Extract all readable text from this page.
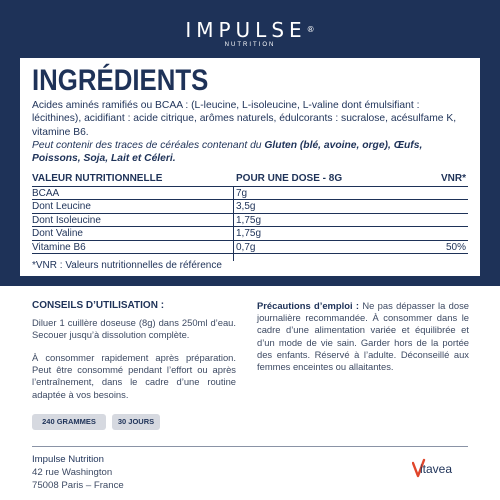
IMPULSE®
NUTRITION
INGRÉDIENTS

Acides aminés ramifiés ou BCAA : (L-leucine, L-isoleucine, L-valine dont émulsifiant : lécithines), acidifiant : acide citrique, arômes naturels, édulcorants : sucralose, acésulfame K, vitamine B6.

Peut contenir des traces de céréales contenant du Gluten (blé, avoine, orge), Œufs, Poissons, Soja, Lait et Céleri.

VALEUR NUTRITIONNELLE	POUR UNE DOSE - 8G	VNR*
BCAA	7g
Dont Leucine	3,5g
Dont Isoleucine	1,75g
Dont Valine	1,75g
Vitamine B6	0,7g	50%
*VNR : Valeurs nutritionnelles de référence
CONSEILS D’UTILISATION :
Diluer 1 cuillère doseuse (8g) dans 250ml d’eau. Secouer jusqu’à dissolution complète.
À consommer rapidement après préparation. Peut être consommé pendant l’effort ou après l’entraînement, dans le cadre d’une routine adaptée à vos besoins.
Précautions d’emploi : Ne pas dépasser la dose journalière recommandée. À consommer dans le cadre d’une alimentation variée et équilibrée et d’un mode de vie sain. Garder hors de la portée des enfants. Réservé à l’adulte. Déconseillé aux femmes enceintes ou allaitantes.
240 GRAMMES	30 JOURS
Impulse Nutrition
42 rue Washington
75008 Paris – France
itavea
